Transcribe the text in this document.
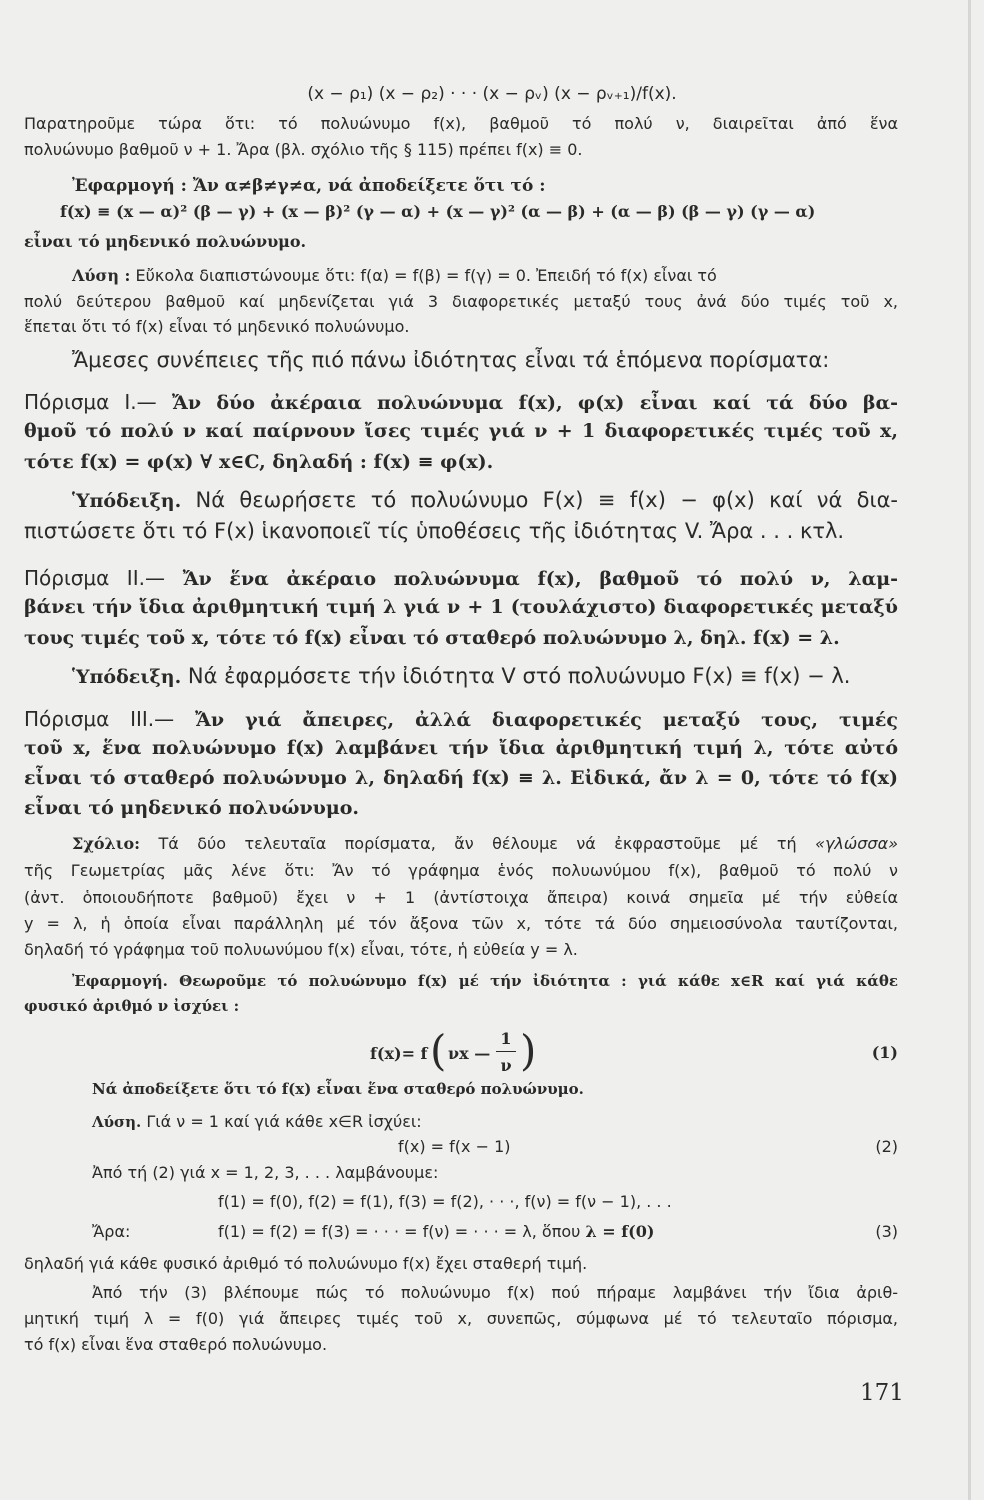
(x − ρ₁) (x − ρ₂) · · · (x − ρᵥ) (x − ρᵥ₊₁)/f(x).
Παρατηροῦμε τώρα ὅτι: τό πολυώνυμο f(x), βαθμοῦ τό πολύ ν, διαιρεῖται ἀπό ἕνα
πολυώνυμο βαθμοῦ ν + 1. Ἄρα (βλ. σχόλιο τῆς § 115) πρέπει f(x) ≡ 0.
Ἐφαρμογή : Ἄν α≠β≠γ≠α, νά ἀποδείξετε ὅτι τό :
f(x) ≡ (x — α)² (β — γ) + (x — β)² (γ — α) + (x — γ)² (α — β) + (α — β) (β — γ) (γ — α)
εἶναι τό μηδενικό πολυώνυμο.
Λύση : Εὔκολα διαπιστώνουμε ὅτι: f(α) = f(β) = f(γ) = 0. Ἐπειδή τό f(x) εἶναι τό
πολύ δεύτερου βαθμοῦ καί μηδενίζεται γιά 3 διαφορετικές μεταξύ τους ἀνά δύο τιμές τοῦ x,
ἕπεται ὅτι τό f(x) εἶναι τό μηδενικό πολυώνυμο.
Ἄμεσες συνέπειες τῆς πιό πάνω ἰδιότητας εἶναι τά ἑπόμενα πορίσματα:
Πόρισμα Ι.— Ἄν δύο ἀκέραια πολυώνυμα f(x), φ(x) εἶναι καί τά δύο βα-
θμοῦ τό πολύ ν καί παίρνουν ἴσες τιμές γιά ν + 1 διαφορετικές τιμές τοῦ x,
τότε f(x) = φ(x) ∀ x∈C, δηλαδή : f(x) ≡ φ(x).
Ὑπόδειξη. Νά θεωρήσετε τό πολυώνυμο F(x) ≡ f(x) − φ(x) καί νά δια-
πιστώσετε ὅτι τό F(x) ἱκανοποιεῖ τίς ὑποθέσεις τῆς ἰδιότητας V. Ἄρα . . . κτλ.
Πόρισμα ΙΙ.— Ἄν ἕνα ἀκέραιο πολυώνυμα f(x), βαθμοῦ τό πολύ ν, λαμ-
βάνει τήν ἴδια ἀριθμητική τιμή λ γιά ν + 1 (τουλάχιστο) διαφορετικές μεταξύ
τους τιμές τοῦ x, τότε τό f(x) εἶναι τό σταθερό πολυώνυμο λ, δηλ. f(x) = λ.
Ὑπόδειξη. Νά ἐφαρμόσετε τήν ἰδιότητα V στό πολυώνυμο F(x) ≡ f(x) − λ.
Πόρισμα ΙΙΙ.— Ἄν γιά ἄπειρες, ἀλλά διαφορετικές μεταξύ τους, τιμές
τοῦ x, ἕνα πολυώνυμο f(x) λαμβάνει τήν ἴδια ἀριθμητική τιμή λ, τότε αὐτό
εἶναι τό σταθερό πολυώνυμο λ, δηλαδή f(x) ≡ λ. Εἰδικά, ἄν λ = 0, τότε τό f(x)
εἶναι τό μηδενικό πολυώνυμο.
Σχόλιο: Τά δύο τελευταῖα πορίσματα, ἄν θέλουμε νά ἐκφραστοῦμε μέ τή «γλώσσα»
τῆς Γεωμετρίας μᾶς λένε ὅτι: Ἄν τό γράφημα ἑνός πολυωνύμου f(x), βαθμοῦ τό πολύ ν
(ἀντ. ὁποιουδήποτε βαθμοῦ) ἔχει ν + 1 (ἀντίστοιχα ἄπειρα) κοινά σημεῖα μέ τήν εὐθεία
y = λ, ἡ ὁποία εἶναι παράλληλη μέ τόν ἄξονα τῶν x, τότε τά δύο σημειοσύνολα ταυτίζονται,
δηλαδή τό γράφημα τοῦ πολυωνύμου f(x) εἶναι, τότε, ἡ εὐθεία y = λ.
Ἐφαρμογή. Θεωροῦμε τό πολυώνυμο f(x) μέ τήν ἰδιότητα : γιά κάθε x∈R καί γιά κάθε
φυσικό ἀριθμό ν ἰσχύει :
f(x)= f ( νx —
1
ν )	(1)
Νά ἀποδείξετε ὅτι τό f(x) εἶναι ἕνα σταθερό πολυώνυμο.
Λύση. Γιά ν = 1 καί γιά κάθε x∈R ἰσχύει:
f(x) = f(x − 1)	(2)
Ἀπό τή (2) γιά x = 1, 2, 3, . . . λαμβάνουμε:
f(1) = f(0), f(2) = f(1), f(3) = f(2), · · ·, f(ν) = f(ν − 1), . . .
Ἄρα:	f(1) = f(2) = f(3) = · · · = f(ν) = · · · = λ, ὅπου λ = f(0)	(3)
δηλαδή γιά κάθε φυσικό ἀριθμό τό πολυώνυμο f(x) ἔχει σταθερή τιμή.
Ἀπό τήν (3) βλέπουμε πώς τό πολυώνυμο f(x) πού πήραμε λαμβάνει τήν ἴδια ἀριθ-
μητική τιμή λ = f(0) γιά ἄπειρες τιμές τοῦ x, συνεπῶς, σύμφωνα μέ τό τελευταῖο πόρισμα,
τό f(x) εἶναι ἕνα σταθερό πολυώνυμο.
171
